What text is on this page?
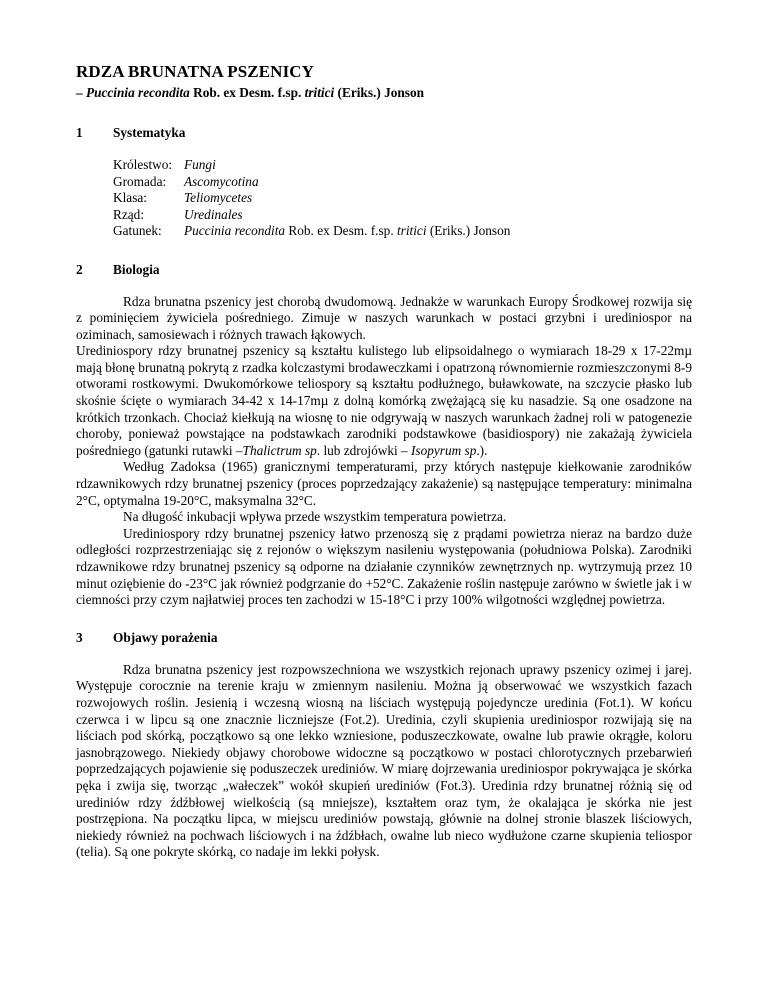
RDZA BRUNATNA PSZENICY

– Puccinia recondita Rob. ex Desm. f.sp. tritici (Eriks.) Jonson

1	Systematyka
Królestwo: Fungi
Gromada:	Ascomycotina
Klasa:	Teliomycetes
Rząd:	Uredinales
Gatunek:	Puccinia recondita Rob. ex Desm. f.sp. tritici (Eriks.) Jonson
2	Biologia

Rdza brunatna pszenicy jest chorobą dwudomową. Jednakże w warunkach Europy Środkowej rozwija się z pominięciem żywiciela pośredniego. Zimuje w naszych warunkach w postaci grzybni i urediniospor na oziminach, samosiewach i różnych trawach łąkowych.

Urediniospory rdzy brunatnej pszenicy są kształtu kulistego lub elipsoidalnego o wymiarach 18-29 x 17-22mµ mają błonę brunatną pokrytą z rzadka kolczastymi brodaweczkami i opatrzoną równomiernie rozmieszczonymi 8-9 otworami rostkowymi. Dwukomórkowe teliospory są kształtu podłużnego, buławkowate, na szczycie płasko lub skośnie ścięte o wymiarach 34-42 x 14-17mµ z dolną komórką zwężającą się ku nasadzie. Są one osadzone na krótkich trzonkach. Chociaż kiełkują na wiosnę to nie odgrywają w naszych warunkach żadnej roli w patogenezie choroby, ponieważ powstające na podstawkach zarodniki podstawkowe (basidiospory) nie zakażają żywiciela pośredniego (gatunki rutawki –Thalictrum sp. lub zdrojówki – Isopyrum sp.).

Według Zadoksa (1965) granicznymi temperaturami, przy których następuje kiełkowanie zarodników rdzawnikowych rdzy brunatnej pszenicy (proces poprzedzający zakażenie) są następujące temperatury: minimalna 2°C, optymalna 19-20°C, maksymalna 32°C.

Na długość inkubacji wpływa przede wszystkim temperatura powietrza.

Urediniospory rdzy brunatnej pszenicy łatwo przenoszą się z prądami powietrza nieraz na bardzo duże odległości rozprzestrzeniając się z rejonów o większym nasileniu występowania (południowa Polska). Zarodniki rdzawnikowe rdzy brunatnej pszenicy są odporne na działanie czynników zewnętrznych np. wytrzymują przez 10 minut oziębienie do -23°C jak również podgrzanie do +52°C. Zakażenie roślin następuje zarówno w świetle jak i w ciemności przy czym najłatwiej proces ten zachodzi w 15-18°C i przy 100% wilgotności względnej powietrza.

3	Objawy porażenia

Rdza brunatna pszenicy jest rozpowszechniona we wszystkich rejonach uprawy pszenicy ozimej i jarej. Występuje corocznie na terenie kraju w zmiennym nasileniu. Można ją obserwować we wszystkich fazach rozwojowych roślin. Jesienią i wczesną wiosną na liściach występują pojedyncze uredinia (Fot.1). W końcu czerwca i w lipcu są one znacznie liczniejsze (Fot.2). Uredinia, czyli skupienia urediniospor rozwijają się na liściach pod skórką, początkowo są one lekko wzniesione, poduszeczkowate, owalne lub prawie okrągłe, koloru jasnobrązowego. Niekiedy objawy chorobowe widoczne są początkowo w postaci chlorotycznych przebarwień poprzedzających pojawienie się poduszeczek urediniów. W miarę dojrzewania urediniospor pokrywająca je skórka pęka i zwija się, tworząc „wałeczek” wokół skupień urediniów (Fot.3). Uredinia rdzy brunatnej różnią się od urediniów rdzy źdźbłowej wielkością (są mniejsze), kształtem oraz tym, że okalająca je skórka nie jest postrzępiona. Na początku lipca, w miejscu urediniów powstają, głównie na dolnej stronie blaszek liściowych, niekiedy również na pochwach liściowych i na źdźbłach, owalne lub nieco wydłużone czarne skupienia teliospor (telia). Są one pokryte skórką, co nadaje im lekki połysk.
